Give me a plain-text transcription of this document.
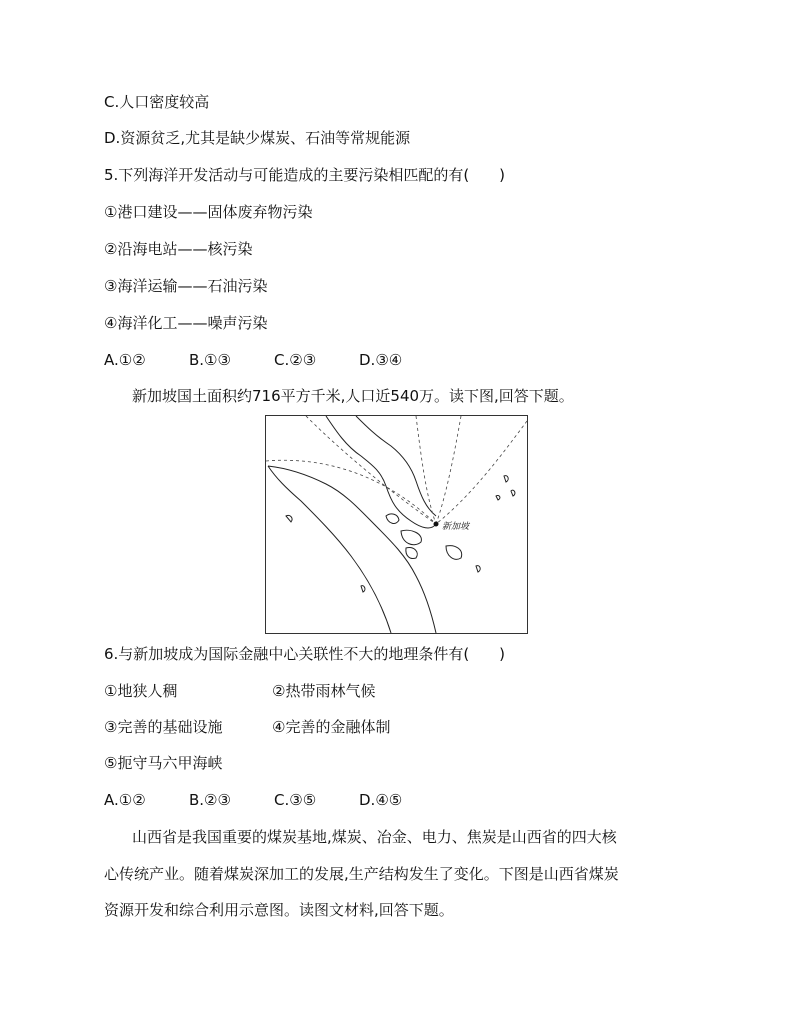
C.人口密度较高
D.资源贫乏,尤其是缺少煤炭、石油等常规能源
5.下列海洋开发活动与可能造成的主要污染相匹配的有(　　)
①港口建设——固体废弃物污染
②沿海电站——核污染
③海洋运输——石油污染
④海洋化工——噪声污染
A.①②	B.①③	C.②③	D.③④
新加坡国土面积约716平方千米,人口近540万。读下图,回答下题。
新加坡
6.与新加坡成为国际金融中心关联性不大的地理条件有(　　)
①地狭人稠	②热带雨林气候
③完善的基础设施	④完善的金融体制
⑤扼守马六甲海峡
A.①②	B.②③	C.③⑤	D.④⑤
山西省是我国重要的煤炭基地,煤炭、冶金、电力、焦炭是山西省的四大核
心传统产业。随着煤炭深加工的发展,生产结构发生了变化。下图是山西省煤炭
资源开发和综合利用示意图。读图文材料,回答下题。
